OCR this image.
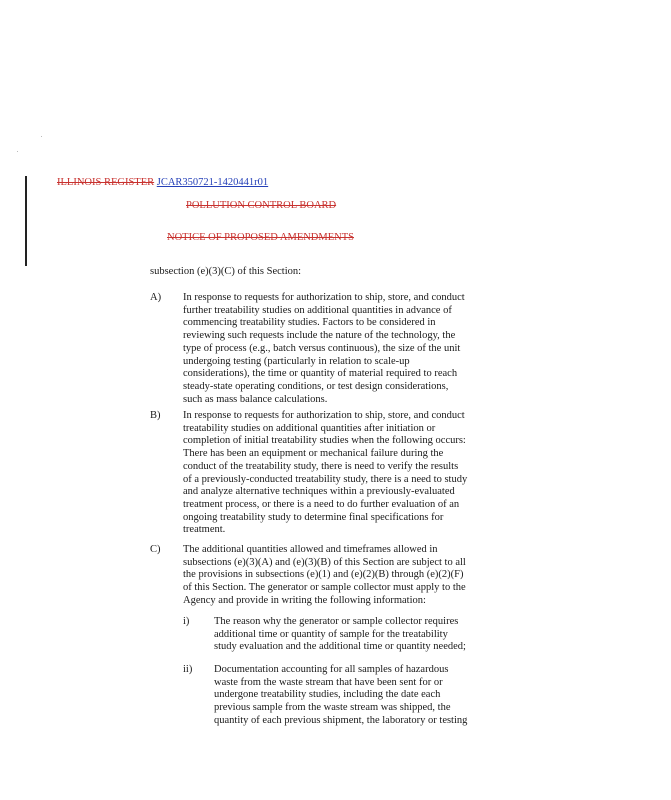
ILLINOIS REGISTER JCAR350721-1420441r01
POLLUTION CONTROL BOARD
NOTICE OF PROPOSED AMENDMENTS
subsection (e)(3)(C) of this Section:
A) In response to requests for authorization to ship, store, and conduct further treatability studies on additional quantities in advance of commencing treatability studies. Factors to be considered in reviewing such requests include the nature of the technology, the type of process (e.g., batch versus continuous), the size of the unit undergoing testing (particularly in relation to scale-up considerations), the time or quantity of material required to reach steady-state operating conditions, or test design considerations, such as mass balance calculations.
B) In response to requests for authorization to ship, store, and conduct treatability studies on additional quantities after initiation or completion of initial treatability studies when the following occurs: There has been an equipment or mechanical failure during the conduct of the treatability study, there is need to verify the results of a previously-conducted treatability study, there is a need to study and analyze alternative techniques within a previously-evaluated treatment process, or there is a need to do further evaluation of an ongoing treatability study to determine final specifications for treatment.
C) The additional quantities allowed and timeframes allowed in subsections (e)(3)(A) and (e)(3)(B) of this Section are subject to all the provisions in subsections (e)(1) and (e)(2)(B) through (e)(2)(F) of this Section. The generator or sample collector must apply to the Agency and provide in writing the following information:
i) The reason why the generator or sample collector requires additional time or quantity of sample for the treatability study evaluation and the additional time or quantity needed;
ii) Documentation accounting for all samples of hazardous waste from the waste stream that have been sent for or undergone treatability studies, including the date each previous sample from the waste stream was shipped, the quantity of each previous shipment, the laboratory or testing
